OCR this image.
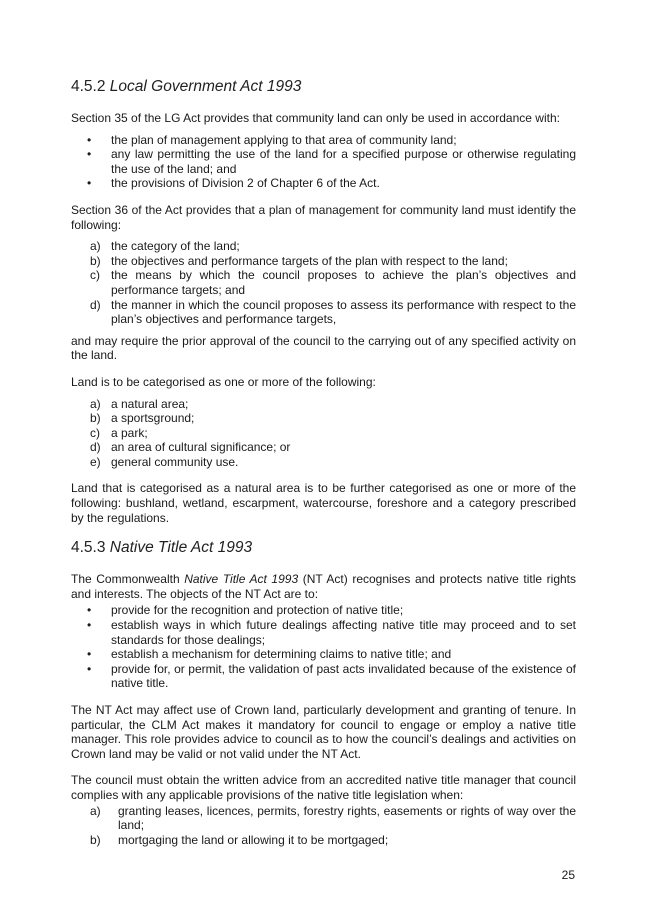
4.5.2 Local Government Act 1993

Section 35 of the LG Act provides that community land can only be used in accordance with:

• the plan of management applying to that area of community land;
• any law permitting the use of the land for a specified purpose or otherwise regulating the use of the land; and
• the provisions of Division 2 of Chapter 6 of the Act.

Section 36 of the Act provides that a plan of management for community land must identify the following:

a) the category of the land;
b) the objectives and performance targets of the plan with respect to the land;
c) the means by which the council proposes to achieve the plan’s objectives and performance targets; and
d) the manner in which the council proposes to assess its performance with respect to the plan’s objectives and performance targets,

and may require the prior approval of the council to the carrying out of any specified activity on the land.

Land is to be categorised as one or more of the following:

a) a natural area;
b) a sportsground;
c) a park;
d) an area of cultural significance; or
e) general community use.

Land that is categorised as a natural area is to be further categorised as one or more of the following: bushland, wetland, escarpment, watercourse, foreshore and a category prescribed by the regulations.

4.5.3 Native Title Act 1993

The Commonwealth Native Title Act 1993 (NT Act) recognises and protects native title rights and interests. The objects of the NT Act are to:

• provide for the recognition and protection of native title;
• establish ways in which future dealings affecting native title may proceed and to set standards for those dealings;
• establish a mechanism for determining claims to native title; and
• provide for, or permit, the validation of past acts invalidated because of the existence of native title.

The NT Act may affect use of Crown land, particularly development and granting of tenure. In particular, the CLM Act makes it mandatory for council to engage or employ a native title manager. This role provides advice to council as to how the council’s dealings and activities on Crown land may be valid or not valid under the NT Act.

The council must obtain the written advice from an accredited native title manager that council complies with any applicable provisions of the native title legislation when:

a) granting leases, licences, permits, forestry rights, easements or rights of way over the land;
b) mortgaging the land or allowing it to be mortgaged;
25
